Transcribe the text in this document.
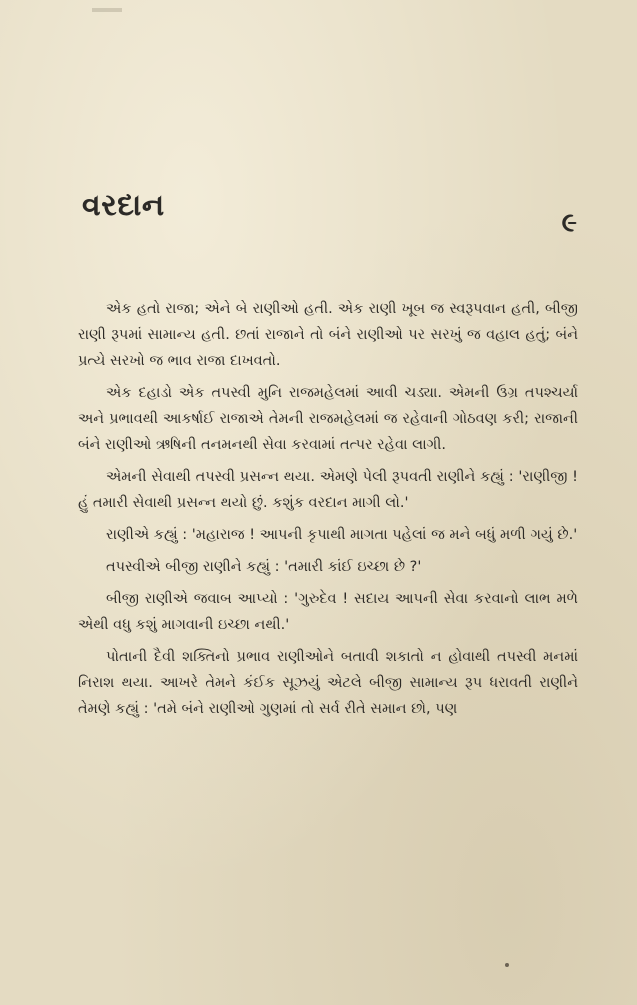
વરદાન	૯

એક હતો રાજા; એને બે રાણીઓ હતી. એક રાણી ખૂબ જ સ્વરૂપવાન હતી, બીજી રાણી રૂપમાં સામાન્ય હતી. છતાં રાજાને તો બંને રાણીઓ પર સરખું જ વહાલ હતું; બંને પ્રત્યે સરખો જ ભાવ રાજા દાખવતો.

એક દહાડો એક તપસ્વી મુનિ રાજમહેલમાં આવી ચડ્યા. એમની ઉગ્ર તપશ્ચર્યા અને પ્રભાવથી આકર્ષાઈ રાજાએ તેમની રાજમહેલમાં જ રહેવાની ગોઠવણ કરી; રાજાની બંને રાણીઓ ઋષિની તનમનથી સેવા કરવામાં તત્પર રહેવા લાગી.

એમની સેવાથી તપસ્વી પ્રસન્ન થયા. એમણે પેલી રૂપવતી રાણીને કહ્યું : 'રાણીજી ! હું તમારી સેવાથી પ્રસન્ન થયો છું. કશુંક વરદાન માગી લો.'

રાણીએ કહ્યું : 'મહારાજ ! આપની કૃપાથી માગતા પહેલાં જ મને બધું મળી ગયું છે.'

તપસ્વીએ બીજી રાણીને કહ્યું : 'તમારી કાંઈ ઇચ્છા છે ?'

બીજી રાણીએ જવાબ આપ્યો : 'ગુરુદેવ ! સદાય આપની સેવા કરવાનો લાભ મળે એથી વધુ કશું માગવાની ઇચ્છા નથી.'

પોતાની દૈવી શક્તિનો પ્રભાવ રાણીઓને બતાવી શકાતો ન હોવાથી તપસ્વી મનમાં નિરાશ થયા. આખરે તેમને કંઈક સૂઝયું એટલે બીજી સામાન્ય રૂપ ધરાવતી રાણીને તેમણે કહ્યું : 'તમે બંને રાણીઓ ગુણમાં તો સર્વ રીતે સમાન છો, પણ
